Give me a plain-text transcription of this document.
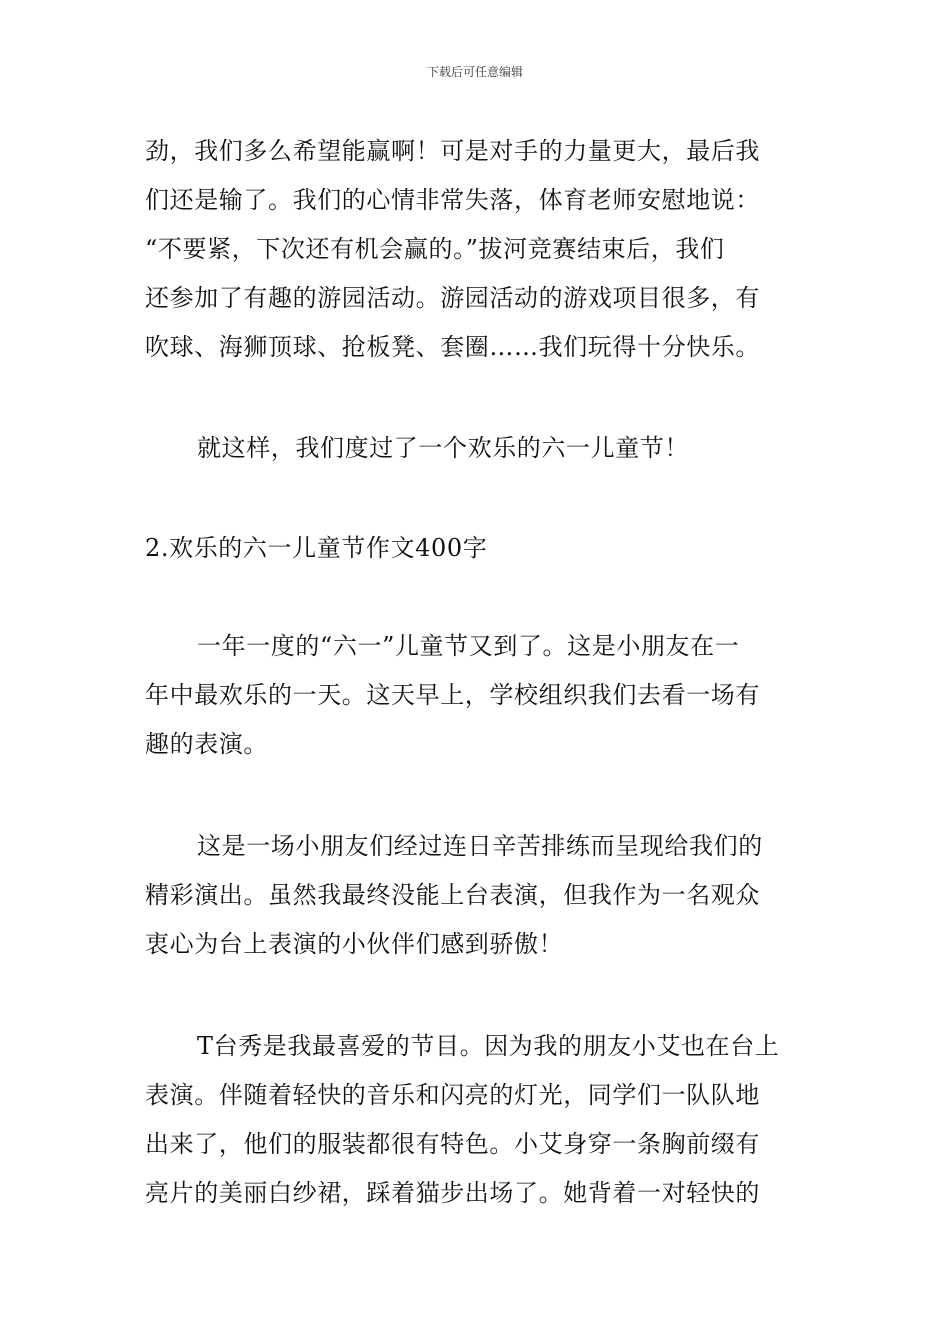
下载后可任意编辑
劲，我们多么希望能赢啊！可是对手的力量更大，最后我
们还是输了。我们的心情非常失落，体育老师安慰地说：
“不要紧，下次还有机会赢的。”拔河竞赛结束后，我们
还参加了有趣的游园活动。游园活动的游戏项目很多，有
吹球、海狮顶球、抢板凳、套圈……我们玩得十分快乐。
就这样，我们度过了一个欢乐的六一儿童节！
2.欢乐的六一儿童节作文400字
一年一度的“六一”儿童节又到了。这是小朋友在一
年中最欢乐的一天。这天早上，学校组织我们去看一场有
趣的表演。
这是一场小朋友们经过连日辛苦排练而呈现给我们的
精彩演出。虽然我最终没能上台表演，但我作为一名观众
衷心为台上表演的小伙伴们感到骄傲！
T台秀是我最喜爱的节目。因为我的朋友小艾也在台上
表演。伴随着轻快的音乐和闪亮的灯光，同学们一队队地
出来了，他们的服装都很有特色。小艾身穿一条胸前缀有
亮片的美丽白纱裙，踩着猫步出场了。她背着一对轻快的
